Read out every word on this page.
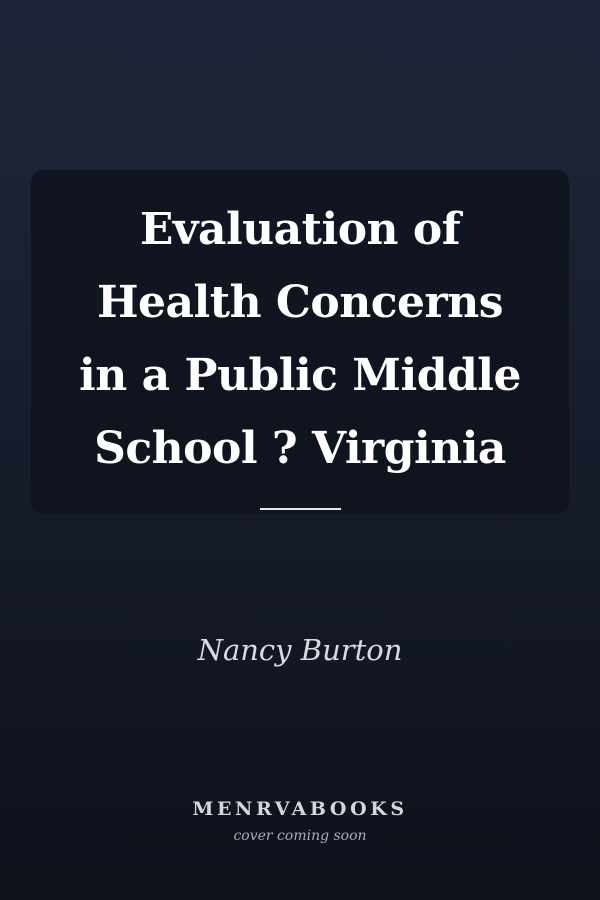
Evaluation of
Health Concerns
in a Public Middle
School ? Virginia
Nancy Burton
MENRVABOOKS
cover coming soon
